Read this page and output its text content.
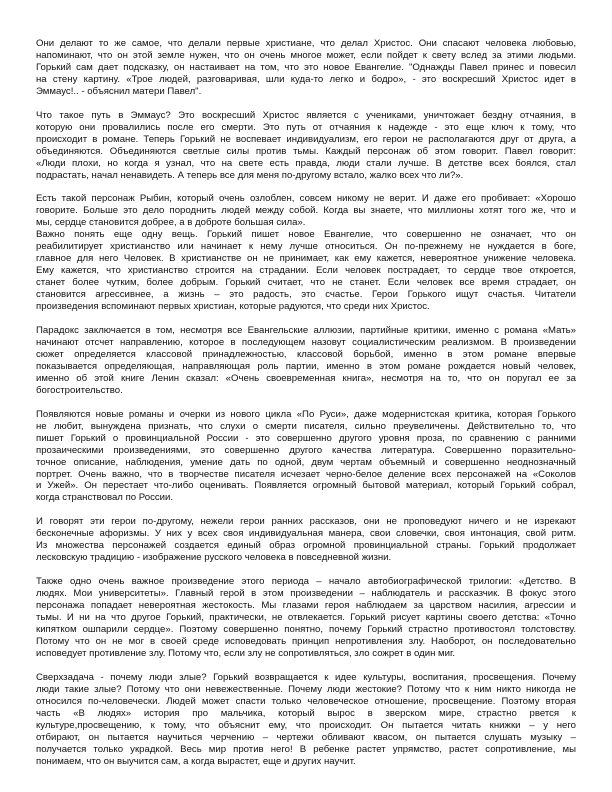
Они делают то же самое, что делали первые христиане, что делал Христос. Они спасают человека любовью,
напоминают, что он этой земле нужен, что он очень многое может, если пойдет к свету вслед за этими людьми.
Горький сам дает подсказку, он настаивает на том, что это новое Евангелие. "Однажды Павел принес и повесил
на стену картину. «Трое людей, разговаривая, шли куда-то легко и бодро», - это воскресший Христос идет в
Эммаус!.. - объяснил матери Павел".
Что такое путь в Эммаус? Это воскресший Христос является с учениками, уничтожает бездну отчаяния, в
которую они провалились после его смерти. Это путь от отчаяния к надежде - это еще ключ к тому, что
происходит в романе. Теперь Горький не воспевает индивидуализм, его герои не располагаются друг от друга, а
объединяются. Объединяются светлые силы против тьмы. Каждый персонаж об этом говорит. Павел говорит:
«Люди плохи, но когда я узнал, что на свете есть правда, люди стали лучше. В детстве всех боялся, стал
подрастать, начал ненавидеть. А теперь все для меня по-другому встало, жалко всех что ли?».
Есть такой персонаж Рыбин, который очень озлоблен, совсем никому не верит. И даже его пробивает: «Хорошо
говорите. Больше это дело породнить людей между собой. Когда вы знаете, что миллионы хотят того же, что и
мы, сердце становится добрее, а в доброте большая сила».
Важно понять еще одну вещь. Горький пишет новое Евангелие, что совершенно не означает, что он
реабилитирует христианство или начинает к нему лучше относиться. Он по-прежнему не нуждается в боге,
главное для него Человек. В христианстве он не принимает, как ему кажется, невероятное унижение человека.
Ему кажется, что христианство строится на страдании. Если человек пострадает, то сердце твое откроется,
станет более чутким, более добрым. Горький считает, что не станет. Если человек все время страдает, он
становится агрессивнее, а жизнь – это радость, это счастье. Герои Горького ищут счастья. Читатели
произведения вспоминают первых христиан, которые радуются, что среди них Христос.
Парадокс заключается в том, несмотря все Евангельские аллюзии, партийные критики, именно с романа «Мать»
начинают отсчет направлению, которое в последующем назовут социалистическим реализмом. В произведении
сюжет определяется классовой принадлежностью, классовой борьбой, именно в этом романе впервые
показывается определяющая, направляющая роль партии, именно в этом романе рождается новый человек,
именно об этой книге Ленин сказал: «Очень своевременная книга», несмотря на то, что он поругал ее за
богостроительство.
Появляются новые романы и очерки из нового цикла «По Руси», даже модернистская критика, которая Горького
не любит, вынуждена признать, что слухи о смерти писателя, сильно преувеличены. Действительно то, что
пишет Горький о провинциальной России - это совершенно другого уровня проза, по сравнению с ранними
прозаическими произведениями, это совершенно другого качества литература. Совершенно поразительно-
точное описание, наблюдения, умение дать по одной, двум чертам объемный и совершенно неоднозначный
портрет. Очень важно, что в творчестве писателя исчезает черно-белое деление всех персонажей на «Соколов
и Ужей». Он перестает что-либо оценивать. Появляется огромный бытовой материал, который Горький собрал,
когда странствовал по России.
И говорят эти герои по-другому, нежели герои ранних рассказов, они не проповедуют ничего и не изрекают
бесконечные афоризмы. У них у всех своя индивидуальная манера, свои словечки, своя интонация, свой ритм.
Из множества персонажей создается единый образ огромной провинциальной страны. Горький продолжает
лесковскую традицию - изображение русского человека в повседневной жизни.
Также одно очень важное произведение этого периода – начало автобиографической трилогии: «Детство. В
людях. Мои университеты». Главный герой в этом произведении – наблюдатель и рассказчик. В фокус этого
персонажа попадает невероятная жестокость. Мы глазами героя наблюдаем за царством насилия, агрессии и
тьмы. И ни на что другое Горький, практически, не отвлекается. Горький рисует картины своего детства: «Точно
кипятком ошпарили сердце». Поэтому совершенно понятно, почему Горький страстно противостоял толстовству.
Потому что он не мог в своей среде исповедовать принцип непротивления злу. Наоборот, он последовательно
исповедует противление злу. Потому что, если злу не сопротивляться, зло сожрет в один миг.
Сверхзадача - почему люди злые? Горький возвращается к идее культуры, воспитания, просвещения. Почему
люди такие злые? Потому что они невежественные. Почему люди жестокие? Потому что к ним никто никогда не
относился по-человечески. Людей может спасти только человеческое отношение, просвещение. Поэтому вторая
часть «В людях» история про мальчика, который вырос в зверском мире, страстно рвется к
культуре,просвещению, к тому, что объяснит ему, что происходит. Он пытается читать книжки – у него
отбирают, он пытается научиться черчению – чертежи обливают квасом, он пытается слушать музыку –
получается только украдкой. Весь мир против него! В ребенке растет упрямство, растет сопротивление, мы
понимаем, что он выучится сам, а когда вырастет, еще и других научит.
